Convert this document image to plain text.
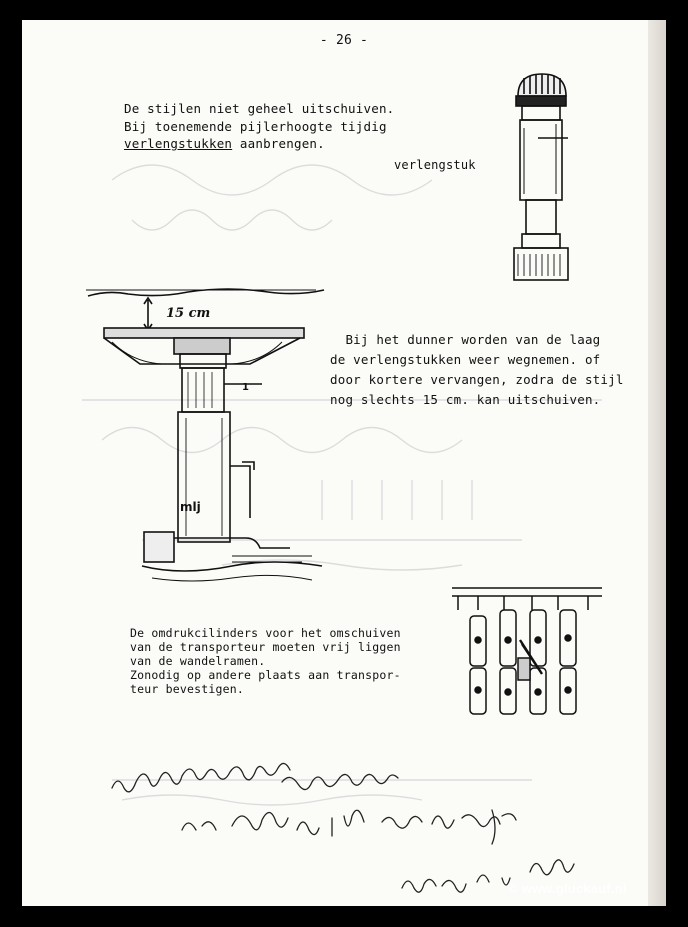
- 26 -
De stijlen niet geheel uitschuiven.
Bij toenemende pijlerhoogte tijdig
verlengstukken aanbrengen.
verlengstuk
15 cm
1
mlj
Bij het dunner worden van de laag
de verlengstukken weer wegnemen. of
door kortere vervangen, zodra de stijl
nog slechts 15 cm. kan uitschuiven.
De omdrukcilinders voor het omschuiven
van de transporteur moeten vrij liggen
van de wandelramen.
Zonodig op andere plaats aan transpor-
teur bevestigen.
© www.gluckauf.nl
